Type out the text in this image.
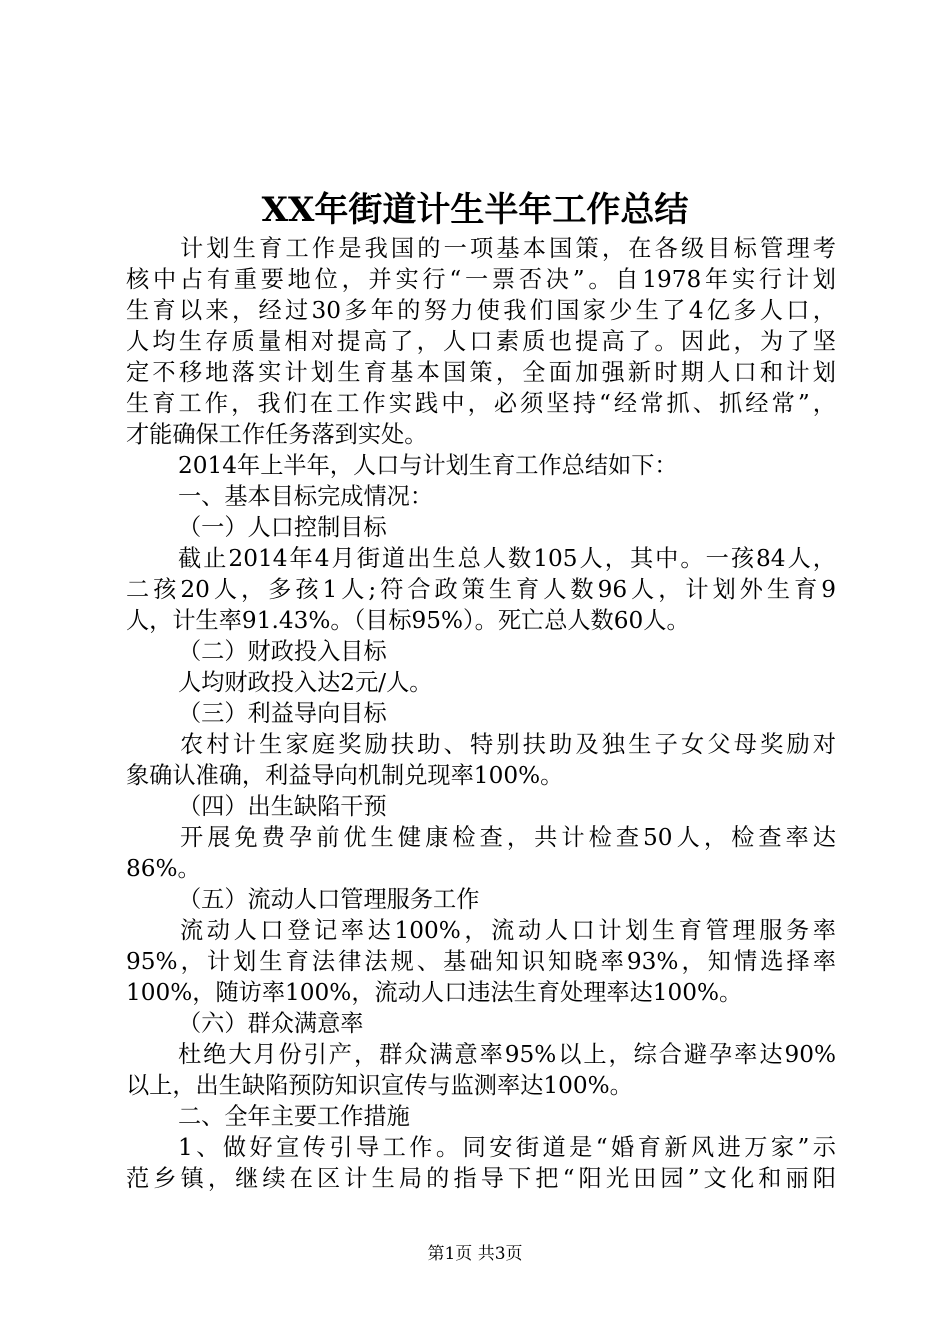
XX年街道计生半年工作总结
计划生育工作是我国的一项基本国策，在各级目标管理考
核中占有重要地位，并实行“一票否决”。自1978年实行计划
生育以来，经过30多年的努力使我们国家少生了4亿多人口，
人均生存质量相对提高了，人口素质也提高了。因此，为了坚
定不移地落实计划生育基本国策，全面加强新时期人口和计划
生育工作，我们在工作实践中，必须坚持“经常抓、抓经常”，
才能确保工作任务落到实处。
2014年上半年，人口与计划生育工作总结如下：
一、基本目标完成情况：
（一）人口控制目标
截止2014年4月街道出生总人数105人，其中。一孩84人，
二孩20人，多孩1人;符合政策生育人数96人，计划外生育9
人，计生率91.43%。（目标95%）。死亡总人数60人。
（二）财政投入目标
人均财政投入达2元/人。
（三）利益导向目标
农村计生家庭奖励扶助、特别扶助及独生子女父母奖励对
象确认准确，利益导向机制兑现率100%。
（四）出生缺陷干预
开展免费孕前优生健康检查，共计检查50人，检查率达
86%。
（五）流动人口管理服务工作
流动人口登记率达100%，流动人口计划生育管理服务率
95%，计划生育法律法规、基础知识知晓率93%，知情选择率
100%，随访率100%，流动人口违法生育处理率达100%。
（六）群众满意率
杜绝大月份引产，群众满意率95%以上，综合避孕率达90%
以上，出生缺陷预防知识宣传与监测率达100%。
二、全年主要工作措施
1、做好宣传引导工作。同安街道是“婚育新风进万家”示
范乡镇，继续在区计生局的指导下把“阳光田园”文化和丽阳
第1页 共3页
